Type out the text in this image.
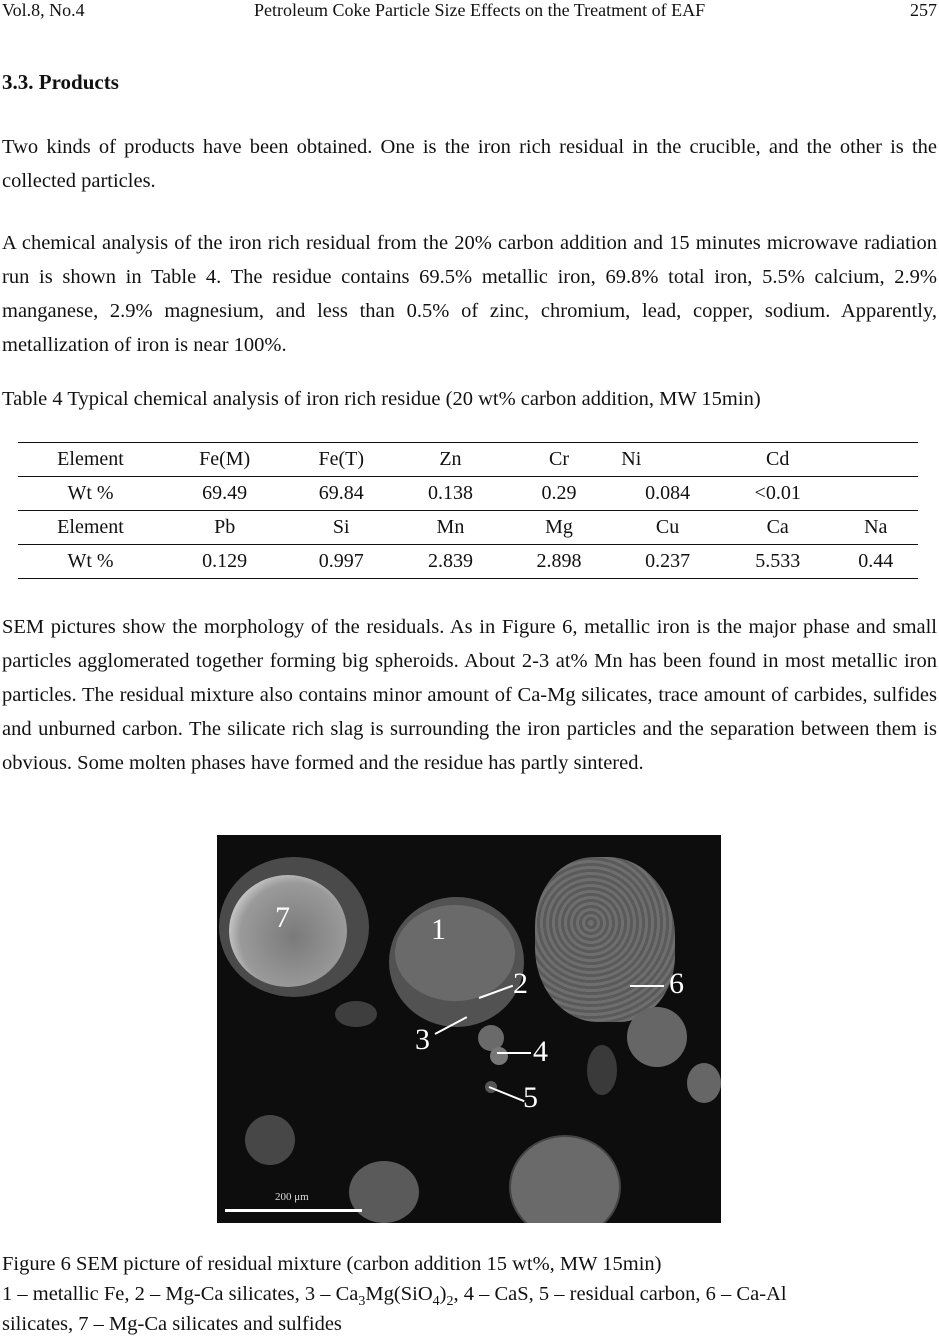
Vol.8, No.4	Petroleum Coke Particle Size Effects on the Treatment of EAF	257
3.3. Products
Two kinds of products have been obtained. One is the iron rich residual in the crucible, and the other is the collected particles.
A chemical analysis of the iron rich residual from the 20% carbon addition and 15 minutes microwave radiation run is shown in Table 4. The residue contains 69.5% metallic iron, 69.8% total iron, 5.5% calcium, 2.9% manganese, 2.9% magnesium, and less than 0.5% of zinc, chromium, lead, copper, sodium. Apparently, metallization of iron is near 100%.
Table 4 Typical chemical analysis of iron rich residue (20 wt% carbon addition, MW 15min)
Element	Fe(M)	Fe(T)	Zn	Cr	Ni	Cd	
Wt %	69.49	69.84	0.138	0.29	0.084	<0.01	
Element	Pb	Si	Mn	Mg	Cu	Ca	Na
Wt %	0.129	0.997	2.839	2.898	0.237	5.533	0.44
SEM pictures show the morphology of the residuals. As in Figure 6, metallic iron is the major phase and small particles agglomerated together forming big spheroids. About 2-3 at% Mn has been found in most metallic iron particles. The residual mixture also contains minor amount of Ca-Mg silicates, trace amount of carbides, sulfides and unburned carbon. The silicate rich slag is surrounding the iron particles and the separation between them is obvious. Some molten phases have formed and the residue has partly sintered.
7	1
2
3	4
5
6
200 μm
Figure 6 SEM picture of residual mixture (carbon addition 15 wt%, MW 15min)
1 – metallic Fe, 2 – Mg-Ca silicates, $3 - Ca_3Mg(SiO_4)_2$, 4 – CaS, 5 – residual carbon, 6 – Ca-Al
silicates, 7 – Mg-Ca silicates and sulfides
